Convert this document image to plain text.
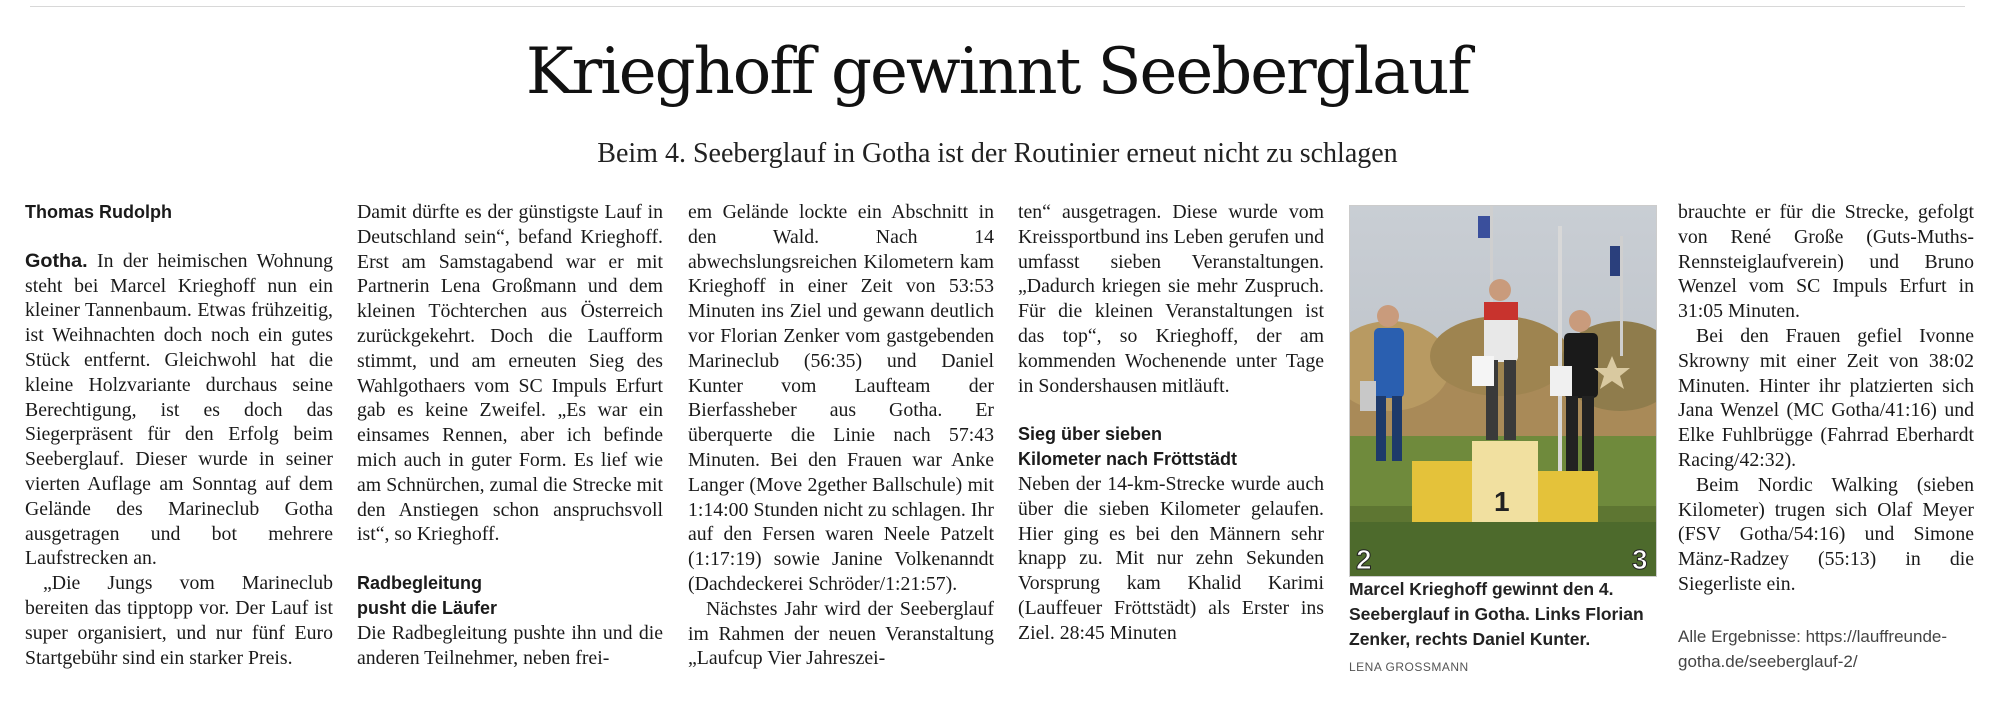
Krieghoff gewinnt Seeberglauf
Beim 4. Seeberglauf in Gotha ist der Routinier erneut nicht zu schlagen
Thomas Rudolph

Gotha. In der heimischen Wohnung steht bei Marcel Krieghoff nun ein kleiner Tannenbaum. Etwas frühzeitig, ist Weihnachten doch noch ein gutes Stück entfernt. Gleichwohl hat die kleine Holzvariante durchaus seine Berechtigung, ist es doch das Siegerpräsent für den Erfolg beim Seeberglauf. Dieser wurde in seiner vierten Auflage am Sonntag auf dem Gelände des Marineclub Gotha ausgetragen und bot mehrere Laufstrecken an.

„Die Jungs vom Marineclub bereiten das tipptopp vor. Der Lauf ist super organisiert, und nur fünf Euro Startgebühr sind ein starker Preis.

Damit dürfte es der günstigste Lauf in Deutschland sein“, befand Krieghoff. Erst am Samstagabend war er mit Partnerin Lena Großmann und dem kleinen Töchterchen aus Österreich zurückgekehrt. Doch die Laufform stimmt, und am erneuten Sieg des Wahlgothaers vom SC Impuls Erfurt gab es keine Zweifel. „Es war ein einsames Rennen, aber ich befinde mich auch in guter Form. Es lief wie am Schnürchen, zumal die Strecke mit den Anstiegen schon anspruchsvoll ist“, so Krieghoff.

Radbegleitung pusht die Läufer

Die Radbegleitung pushte ihn und die anderen Teilnehmer, neben frei-

em Gelände lockte ein Abschnitt in den Wald. Nach 14 abwechslungsreichen Kilometern kam Krieghoff in einer Zeit von 53:53 Minuten ins Ziel und gewann deutlich vor Florian Zenker vom gastgebenden Marineclub (56:35) und Daniel Kunter vom Laufteam der Bierfassheber aus Gotha. Er überquerte die Linie nach 57:43 Minuten. Bei den Frauen war Anke Langer (Move 2gether Ballschule) mit 1:14:00 Stunden nicht zu schlagen. Ihr auf den Fersen waren Neele Patzelt (1:17:19) sowie Janine Volkenanndt (Dachdeckerei Schröder/1:21:57).

Nächstes Jahr wird der Seeberglauf im Rahmen der neuen Veranstaltung „Laufcup Vier Jahreszei-

ten“ ausgetragen. Diese wurde vom Kreissportbund ins Leben gerufen und umfasst sieben Veranstaltungen. „Dadurch kriegen sie mehr Zuspruch. Für die kleinen Veranstaltungen ist das top“, so Krieghoff, der am kommenden Wochenende unter Tage in Sondershausen mitläuft.

Sieg über sieben Kilometer nach Fröttstädt

Neben der 14-km-Strecke wurde auch über die sieben Kilometer gelaufen. Hier ging es bei den Männern sehr knapp zu. Mit nur zehn Sekunden Vorsprung kam Khalid Karimi (Lauffeuer Fröttstädt) als Erster ins Ziel. 28:45 Minuten

1
2	3
Marcel Krieghoff gewinnt den 4. Seeberglauf in Gotha. Links Florian Zenker, rechts Daniel Kunter.
LENA GROSSMANN

brauchte er für die Strecke, gefolgt von René Große (Guts-Muths-Rennsteiglaufverein) und Bruno Wenzel vom SC Impuls Erfurt in 31:05 Minuten.

Bei den Frauen gefiel Ivonne Skrowny mit einer Zeit von 38:02 Minuten. Hinter ihr platzierten sich Jana Wenzel (MC Gotha/41:16) und Elke Fuhlbrügge (Fahrrad Eberhardt Racing/42:32).

Beim Nordic Walking (sieben Kilometer) trugen sich Olaf Meyer (FSV Gotha/54:16) und Simone Mänz-Radzey (55:13) in die Siegerliste ein.

Alle Ergebnisse: https://lauffreunde-gotha.de/seeberglauf-2/
